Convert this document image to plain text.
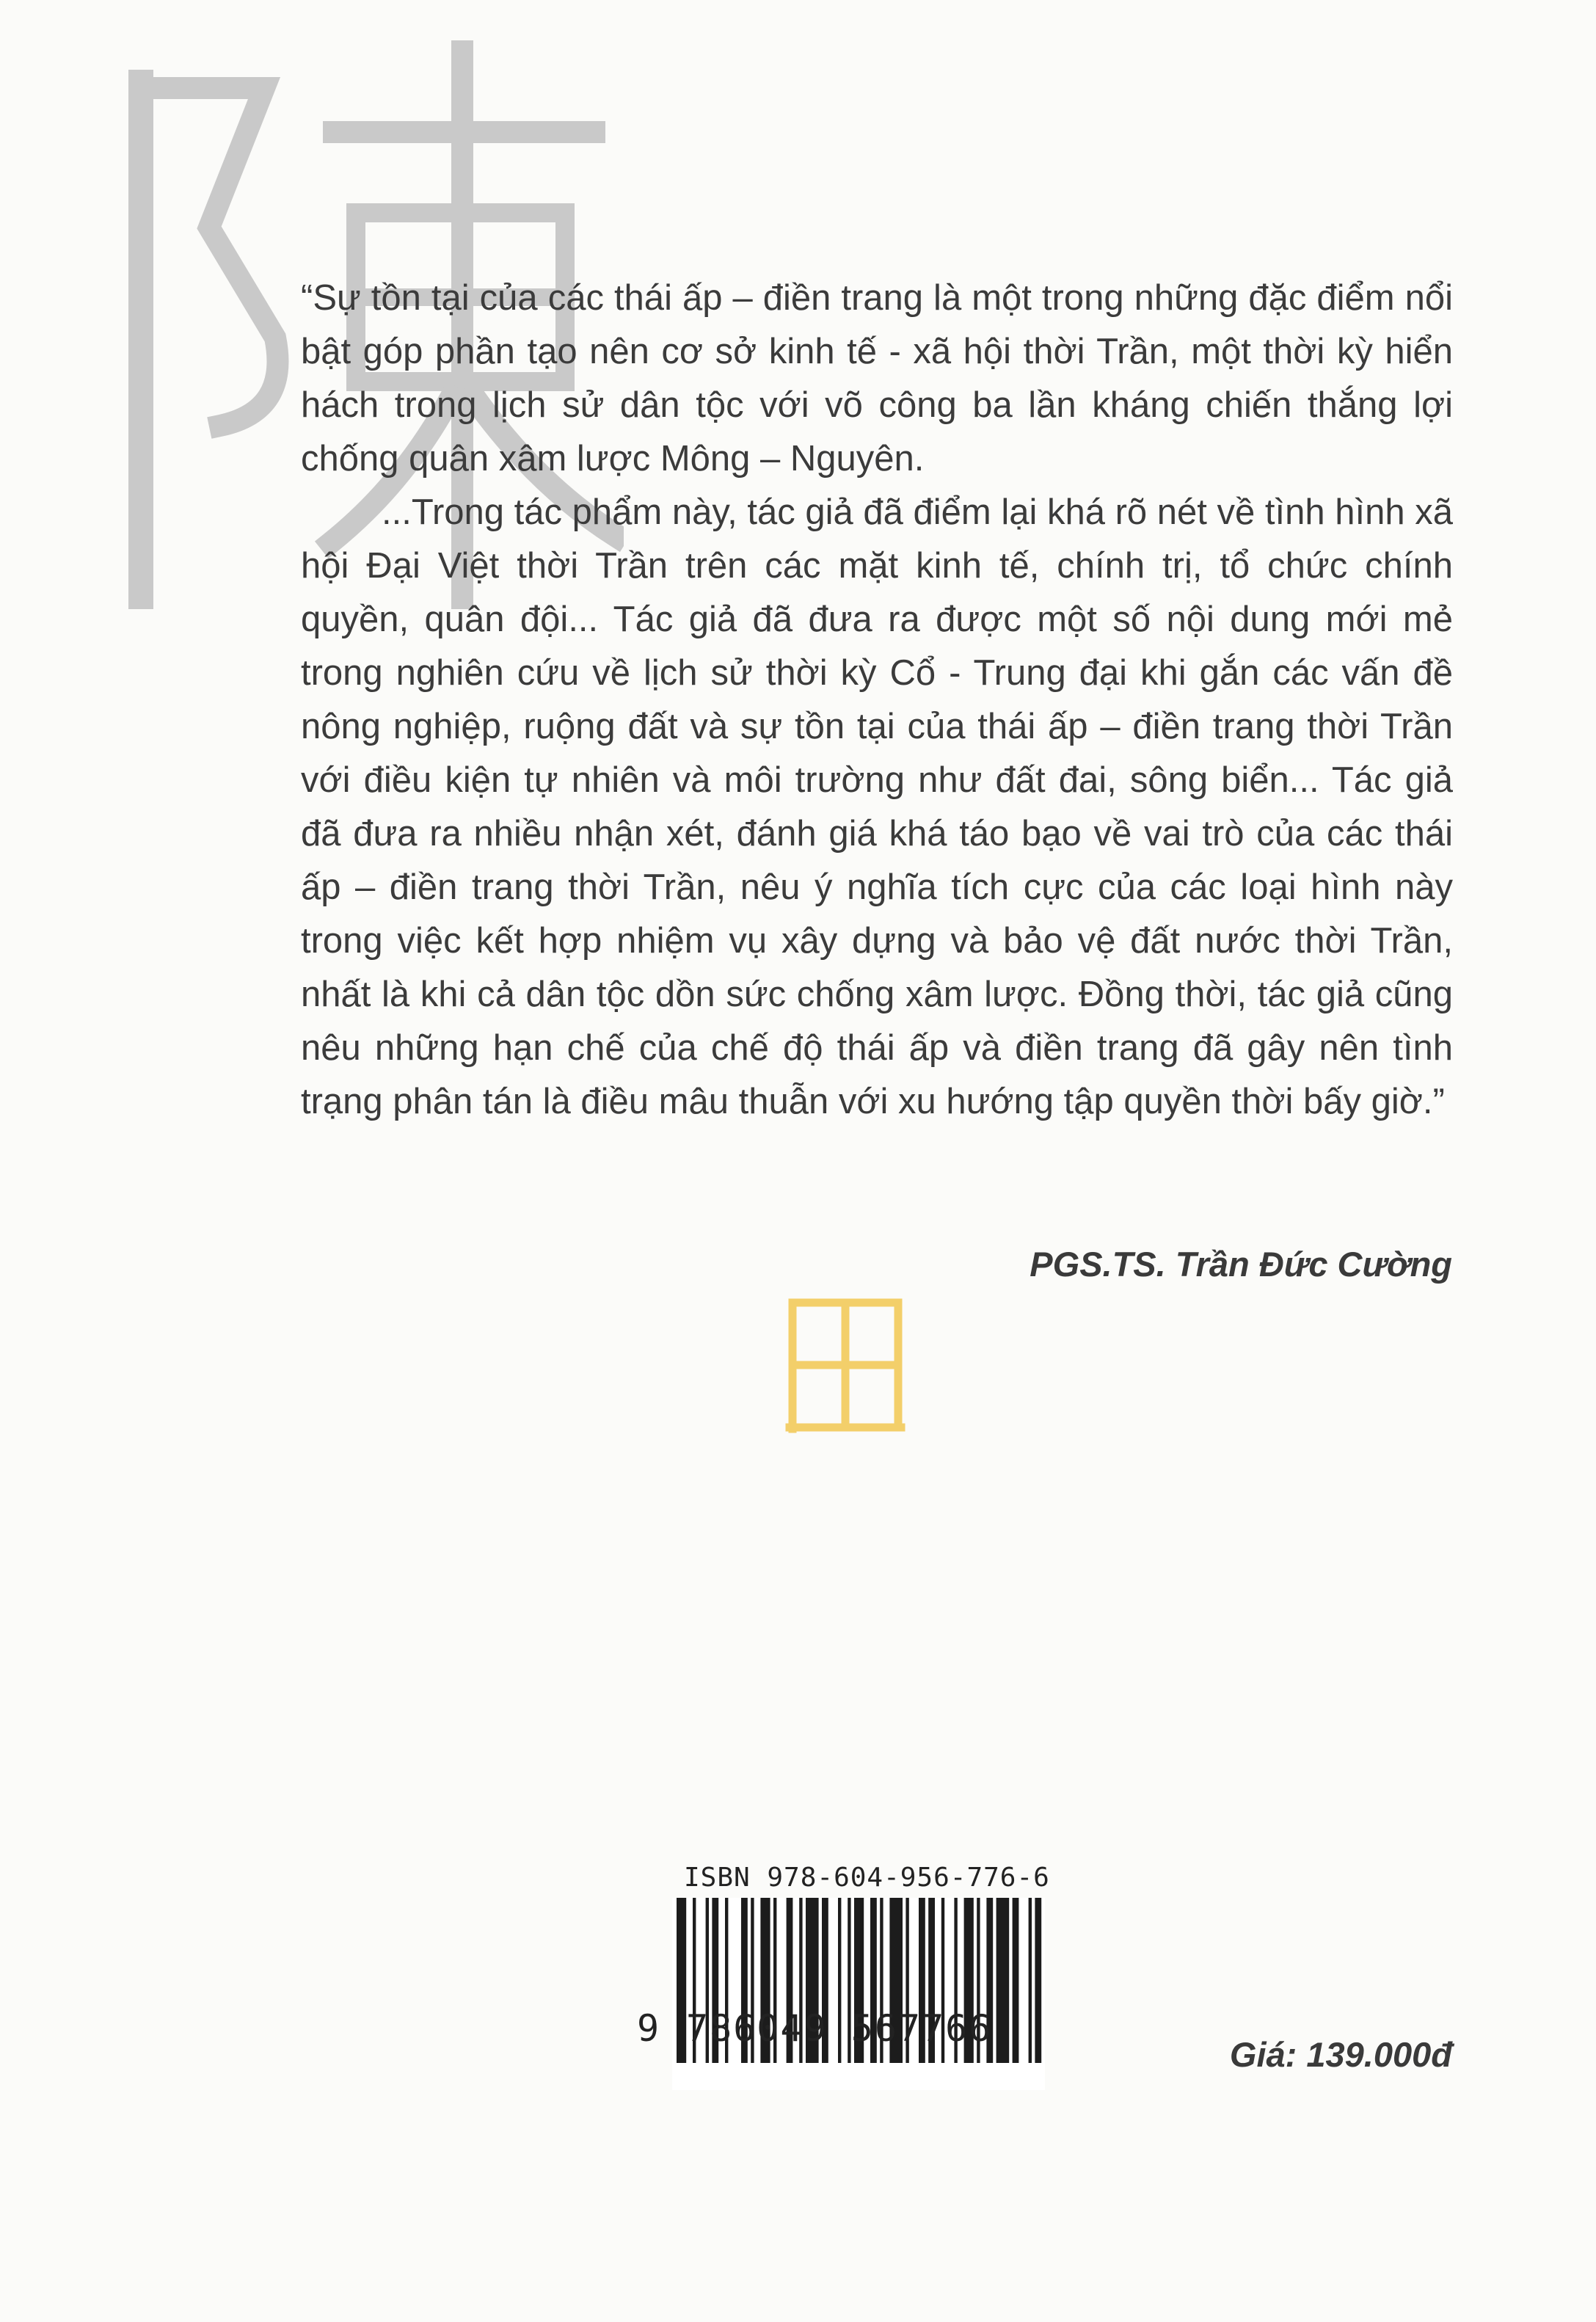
“Sự tồn tại của các thái ấp – điền trang là một trong những đặc điểm nổi bật góp phần tạo nên cơ sở kinh tế - xã hội thời Trần, một thời kỳ hiển hách trong lịch sử dân tộc với võ công ba lần kháng chiến thắng lợi chống quân xâm lược Mông – Nguyên.

...Trong tác phẩm này, tác giả đã điểm lại khá rõ nét về tình hình xã hội Đại Việt thời Trần trên các mặt kinh tế, chính trị, tổ chức chính quyền, quân đội... Tác giả đã đưa ra được một số nội dung mới mẻ trong nghiên cứu về lịch sử thời kỳ Cổ - Trung đại khi gắn các vấn đề nông nghiệp, ruộng đất và sự tồn tại của thái ấp – điền trang thời Trần với điều kiện tự nhiên và môi trường như đất đai, sông biển... Tác giả đã đưa ra nhiều nhận xét, đánh giá khá táo bạo về vai trò của các thái ấp – điền trang thời Trần, nêu ý nghĩa tích cực của các loại hình này trong việc kết hợp nhiệm vụ xây dựng và bảo vệ đất nước thời Trần, nhất là khi cả dân tộc dồn sức chống xâm lược. Đồng thời, tác giả cũng nêu những hạn chế của chế độ thái ấp và điền trang đã gây nên tình trạng phân tán là điều mâu thuẫn với xu hướng tập quyền thời bấy giờ.”

PGS.TS. Trần Đức Cường
ISBN 978-604-956-776-6
9 786049 567766
Giá: 139.000đ
